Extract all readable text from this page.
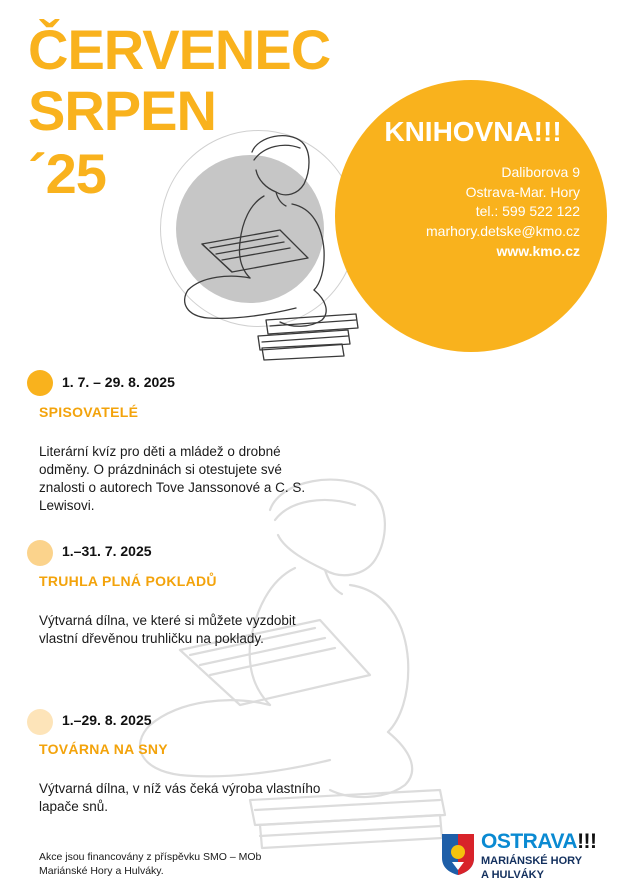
ČERVENEC
SRPEN
´25
KNIHOVNA!!!
Daliborova 9
Ostrava-Mar. Hory
tel.: 599 522 122
marhory.detske@kmo.cz
www.kmo.cz
1. 7. – 29. 8. 2025
SPISOVATELÉ
Literární kvíz pro děti a mládež o drobné odměny. O prázdninách si otestujete své znalosti o autorech Tove Janssonové a C. S. Lewisovi.
1.–31. 7. 2025
TRUHLA PLNÁ POKLADŮ
Výtvarná dílna, ve které si můžete vyzdobit vlastní dřevěnou truhličku na poklady.
1.–29. 8. 2025
TOVÁRNA NA SNY
Výtvarná dílna, v níž vás čeká výroba vlastního lapače snů.
Akce jsou financovány z příspěvku SMO – MOb Mariánské Hory a Hulváky.
OSTRAVA!!!
MARIÁNSKÉ HORY
A HULVÁKY
